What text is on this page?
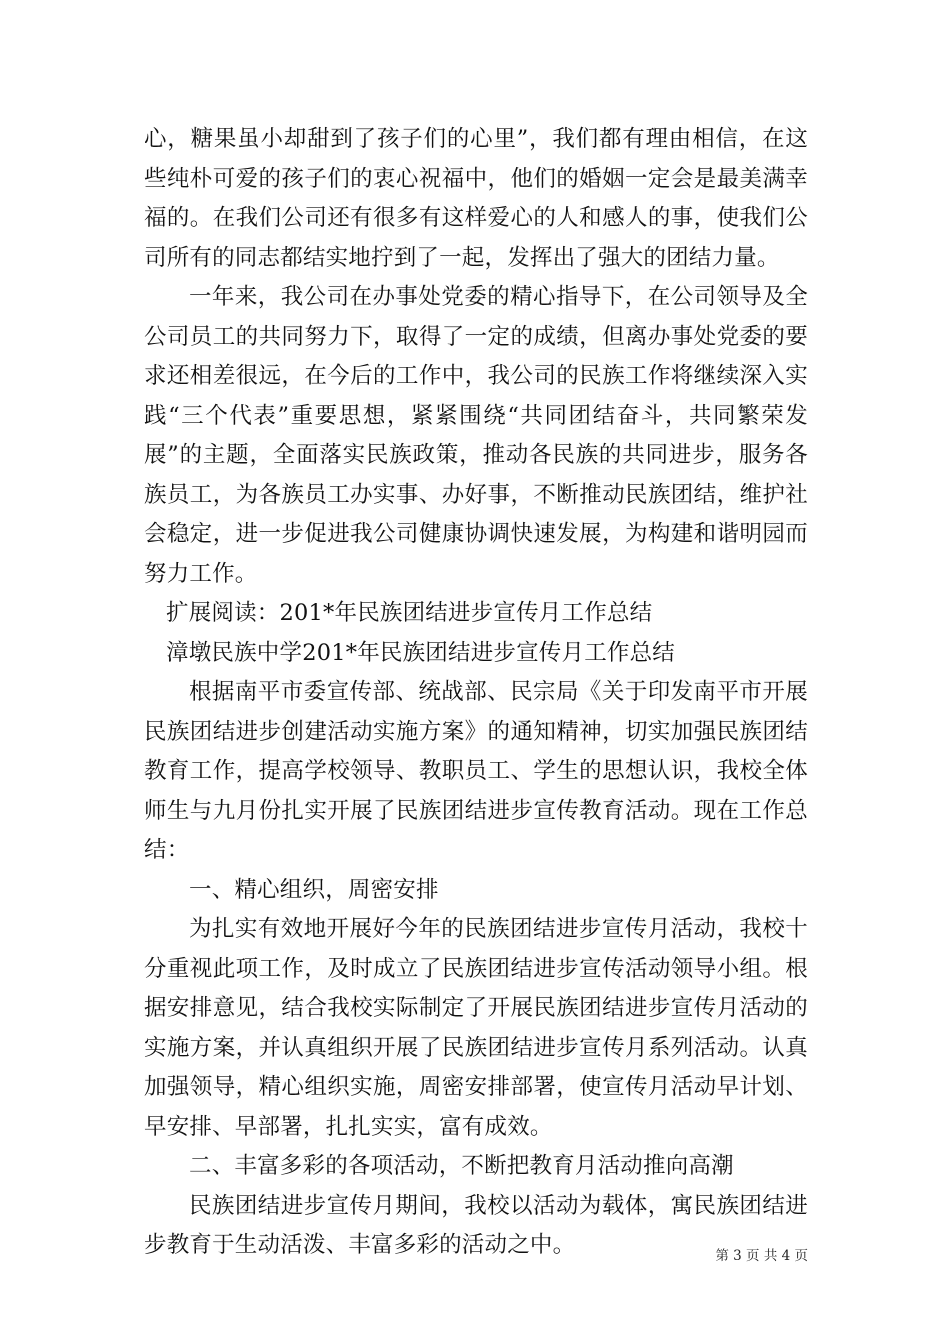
心，糖果虽小却甜到了孩子们的心里”，我们都有理由相信，在这些纯朴可爱的孩子们的衷心祝福中，他们的婚姻一定会是最美满幸福的。在我们公司还有很多有这样爱心的人和感人的事，使我们公司所有的同志都结实地拧到了一起，发挥出了强大的团结力量。

一年来，我公司在办事处党委的精心指导下，在公司领导及全公司员工的共同努力下，取得了一定的成绩，但离办事处党委的要求还相差很远，在今后的工作中，我公司的民族工作将继续深入实践“三个代表”重要思想，紧紧围绕“共同团结奋斗，共同繁荣发展”的主题，全面落实民族政策，推动各民族的共同进步，服务各族员工，为各族员工办实事、办好事，不断推动民族团结，维护社会稳定，进一步促进我公司健康协调快速发展，为构建和谐明园而努力工作。

扩展阅读：201*年民族团结进步宣传月工作总结

漳墩民族中学201*年民族团结进步宣传月工作总结

根据南平市委宣传部、统战部、民宗局《关于印发南平市开展民族团结进步创建活动实施方案》的通知精神，切实加强民族团结教育工作，提高学校领导、教职员工、学生的思想认识，我校全体师生与九月份扎实开展了民族团结进步宣传教育活动。现在工作总结：

一、精心组织，周密安排

为扎实有效地开展好今年的民族团结进步宣传月活动，我校十分重视此项工作，及时成立了民族团结进步宣传活动领导小组。根据安排意见，结合我校实际制定了开展民族团结进步宣传月活动的实施方案，并认真组织开展了民族团结进步宣传月系列活动。认真加强领导，精心组织实施，周密安排部署，使宣传月活动早计划、早安排、早部署，扎扎实实，富有成效。

二、丰富多彩的各项活动，不断把教育月活动推向高潮

民族团结进步宣传月期间，我校以活动为载体，寓民族团结进步教育于生动活泼、丰富多彩的活动之中。	第 3 页 共 4 页
